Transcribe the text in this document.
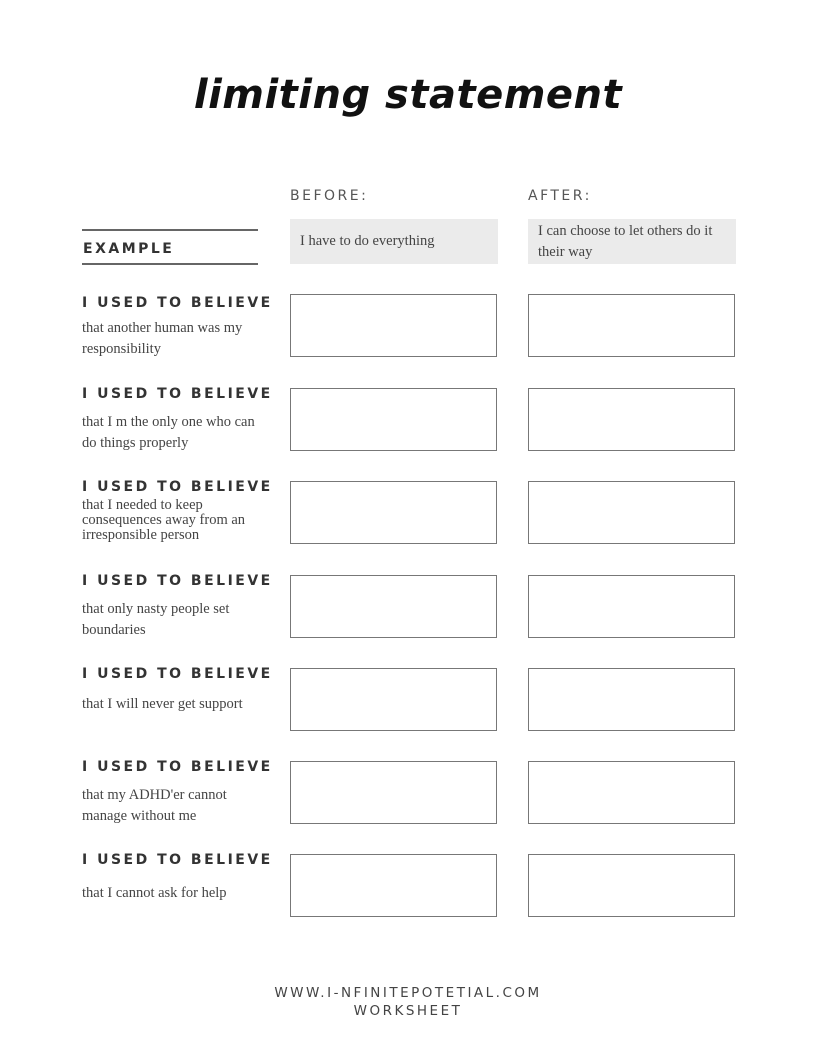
limiting statement
BEFORE:	AFTER:
EXAMPLE	I have to do everything
I can choose to let others do it their way
I USED TO BELIEVE
that another human was my responsibility
I USED TO BELIEVE
that I m the only one who can do things properly
I USED TO BELIEVE
that I needed to keep consequences away from an irresponsible person
I USED TO BELIEVE
that only nasty people set boundaries
I USED TO BELIEVE
that I will never get support
I USED TO BELIEVE
that my ADHD'er cannot manage without me
I USED TO BELIEVE
that I cannot ask for help
WWW.I-NFINITEPOTETIAL.COM
WORKSHEET
